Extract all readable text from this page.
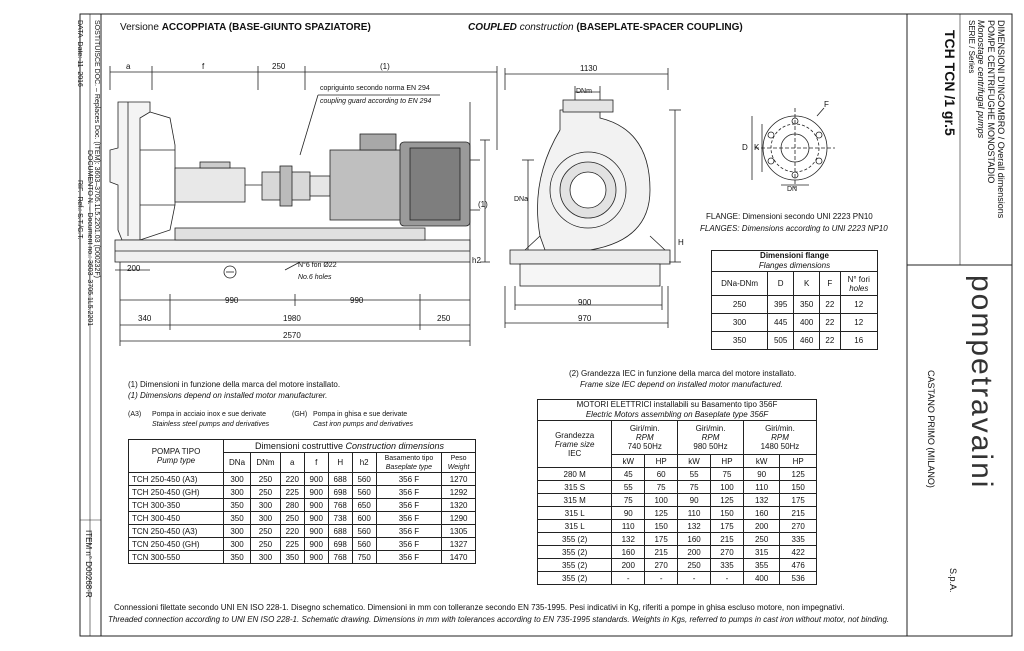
Versione ACCOPPIATA (BASE-GIUNTO SPAZIATORE)	COUPLED construction (BASEPLATE-SPACER COUPLING)
RIF.–Ref.: S.T./C.T.
DATA–Date: 11–2016
DOCUMENTO N. – Document no.: 3603–3705.1L5.2201 SOSTITUISCE DOC. – Replaces Doc. (ITEM): 3603–3705.1L5.2201.03 (D00232F)
ITEM n° D00268-R
DIMENSIONI D'INGOMBRO / Overall dimensions
POMPE CENTRIFUGHE MONOSTADIO
Monostage centrifugal pumps
SERIE / Series
TCH TCN /1 gr.5
pompetravaini
S.p.A.
CASTANO PRIMO (MILANO)
a	f	250	(1)
copriguinto secondo norma EN 294
coupling guard according to EN 294
200	N°6 fori Ø22
No.6 holes
990	990
1980	250
340
2570
h2
(1)
1130
DNm
DNa
H
900
970
D K
F
DN
FLANGE: Dimensioni secondo UNI 2223 PN10
FLANGES: Dimensions according to UNI 2223 NP10
Dimensioni flange
Flanges dimensions				
DNa-DNm	D	K	F	N° fori
holes
250	395	350	22	12
300	445	400	22	12
350	505	460	22	16
(1) Dimensioni in funzione della marca del motore installato.
(1) Dimensions depend on installed motor manufacturer.
(A3) Pompa in acciaio inox e sue derivate
Stainless steel pumps and derivatives
(GH) Pompa in ghisa e sue derivate
Cast iron pumps and derivatives
(2) Grandezza IEC in funzione della marca del motore installato.
Frame size IEC depend on installed motor manufactured.
POMPA TIPO
Pump type	Dimensioni costruttive Construction dimensions							
	DNa	DNm	a	f	H	h2	Basamento tipo
Baseplate type	Peso
Weight
TCH 250-450 (A3)	300	250	220	900	688	560	356 F	1270
TCH 250-450 (GH)	300	250	225	900	698	560	356 F	1292
TCH 300-350	350	300	280	900	768	650	356 F	1320
TCH 300-450	350	300	250	900	738	600	356 F	1290
TCN 250-450 (A3)	300	250	220	900	688	560	356 F	1305
TCN 250-450 (GH)	300	250	225	900	698	560	356 F	1327
TCN 300-550	350	300	350	900	768	750	356 F	1470
MOTORI ELETTRICI installabili su Basamento tipo 356F
Electric Motors assembling on Baseplate type 356F						
Grandezza
Frame size
IEC	Giri/min.
RPM
740 50Hz		Giri/min.
RPM
980 50Hz		Giri/min.
RPM
1480 50Hz	
	kW	HP	kW	HP	kW	HP
280 M	45	60	55	75	90	125
315 S	55	75	75	100	110	150
315 M	75	100	90	125	132	175
315 L	90	125	110	150	160	215
315 L	110	150	132	175	200	270
355 (2)	132	175	160	215	250	335
355 (2)	160	215	200	270	315	422
355 (2)	200	270	250	335	355	476
355 (2)	-	-	-	-	400	536
Connessioni filettate secondo UNI EN ISO 228-1. Disegno schematico. Dimensioni in mm con tolleranze secondo EN 735-1995. Pesi indicativi in Kg, riferiti a pompe in ghisa escluso motore, non impegnativi.
Threaded connection according to UNI EN ISO 228-1. Schematic drawing. Dimensions in mm with tolerances according to EN 735-1995 standards. Weights in Kgs, referred to pumps in cast iron without motor, not binding.
